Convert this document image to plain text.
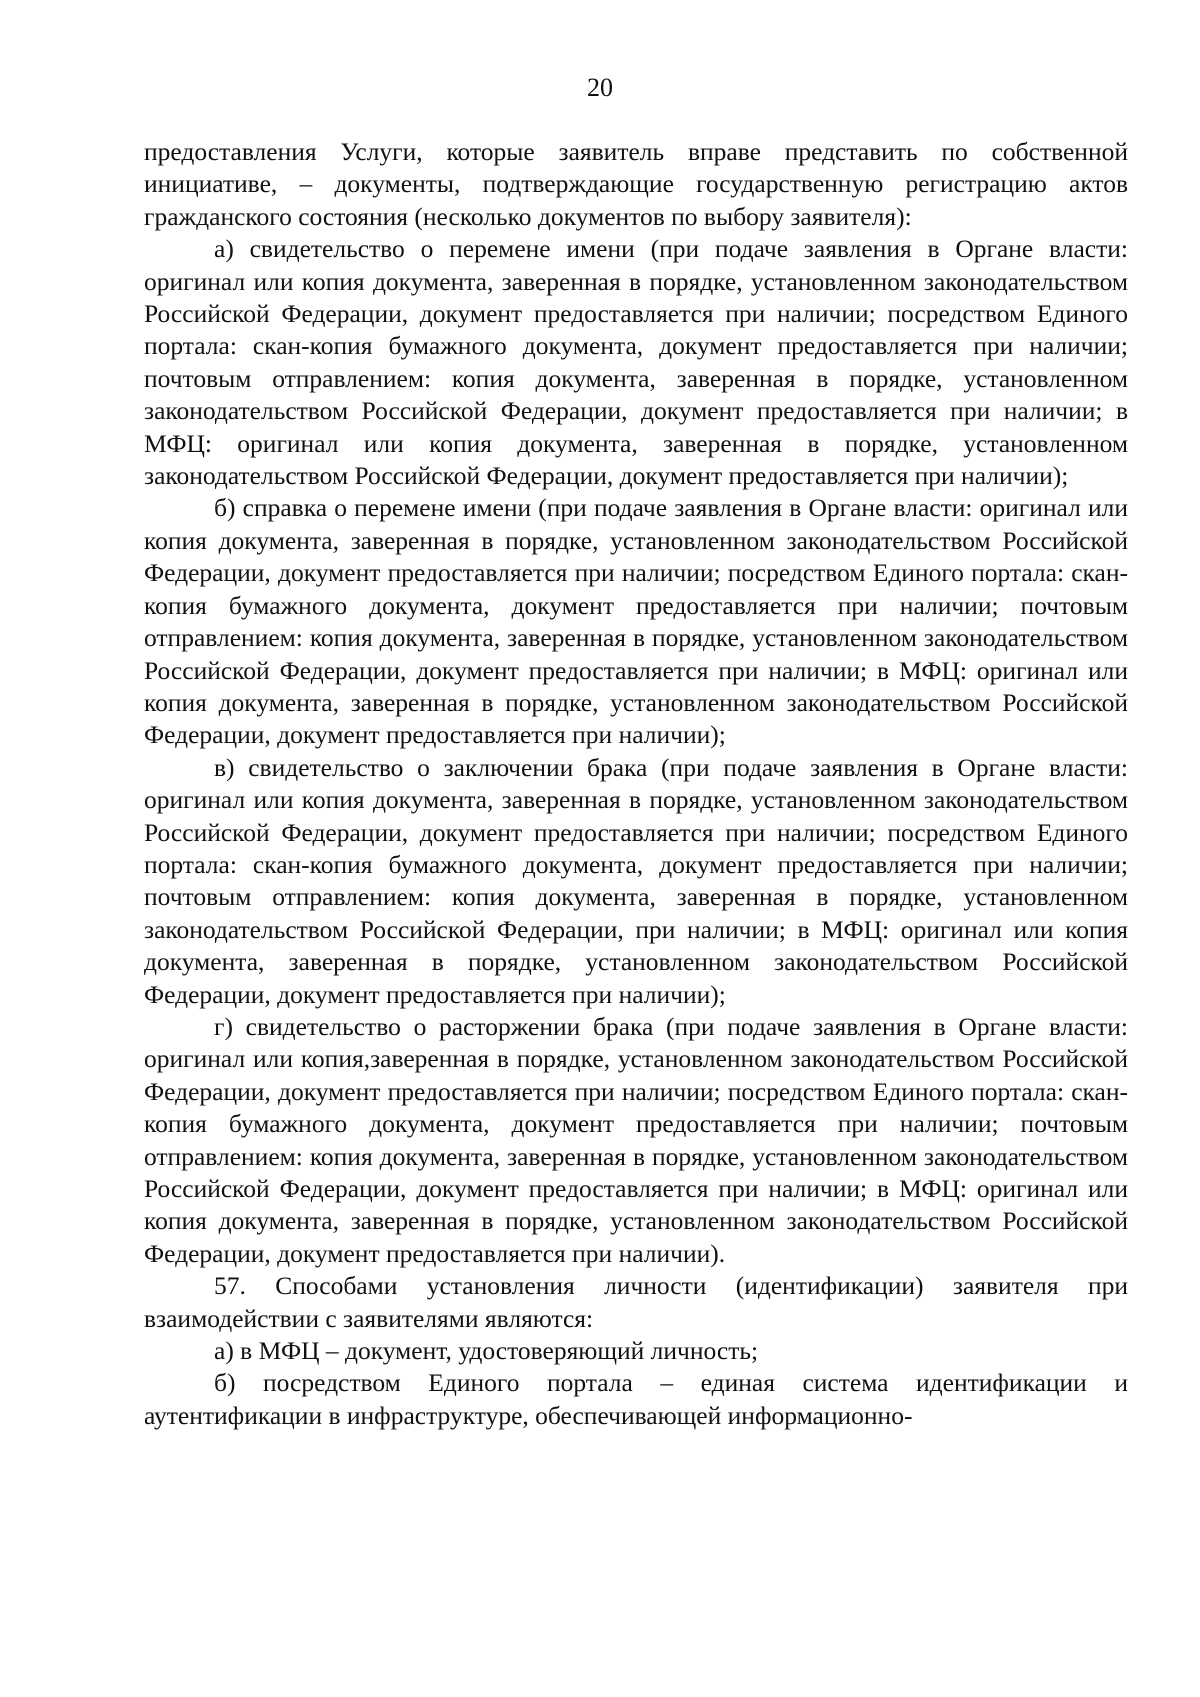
20

предоставления Услуги, которые заявитель вправе представить по собственной инициативе, – документы, подтверждающие государственную регистрацию актов гражданского состояния (несколько документов по выбору заявителя):

а) свидетельство о перемене имени (при подаче заявления в Органе власти: оригинал или копия документа, заверенная в порядке, установленном законодательством Российской Федерации, документ предоставляется при наличии; посредством Единого портала: скан-копия бумажного документа, документ предоставляется при наличии; почтовым отправлением: копия документа, заверенная в порядке, установленном законодательством Российской Федерации, документ предоставляется при наличии; в МФЦ: оригинал или копия документа, заверенная в порядке, установленном законодательством Российской Федерации, документ предоставляется при наличии);

б) справка о перемене имени (при подаче заявления в Органе власти: оригинал или копия документа, заверенная в порядке, установленном законодательством Российской Федерации, документ предоставляется при наличии; посредством Единого портала: скан-копия бумажного документа, документ предоставляется при наличии; почтовым отправлением: копия документа, заверенная в порядке, установленном законодательством Российской Федерации, документ предоставляется при наличии; в МФЦ: оригинал или копия документа, заверенная в порядке, установленном законодательством Российской Федерации, документ предоставляется при наличии);

в) свидетельство о заключении брака (при подаче заявления в Органе власти: оригинал или копия документа, заверенная в порядке, установленном законодательством Российской Федерации, документ предоставляется при наличии; посредством Единого портала: скан-копия бумажного документа, документ предоставляется при наличии; почтовым отправлением: копия документа, заверенная в порядке, установленном законодательством Российской Федерации, при наличии; в МФЦ: оригинал или копия документа, заверенная в порядке, установленном законодательством Российской Федерации, документ предоставляется при наличии);

г) свидетельство о расторжении брака (при подаче заявления в Органе власти: оригинал или копия,заверенная в порядке, установленном законодательством Российской Федерации, документ предоставляется при наличии; посредством Единого портала: скан-копия бумажного документа, документ предоставляется при наличии; почтовым отправлением: копия документа, заверенная в порядке, установленном законодательством Российской Федерации, документ предоставляется при наличии; в МФЦ: оригинал или копия документа, заверенная в порядке, установленном законодательством Российской Федерации, документ предоставляется при наличии).

57. Способами установления личности (идентификации) заявителя при взаимодействии с заявителями являются:

а) в МФЦ – документ, удостоверяющий личность;

б) посредством Единого портала – единая система идентификации и аутентификации в инфраструктуре, обеспечивающей информационно-
